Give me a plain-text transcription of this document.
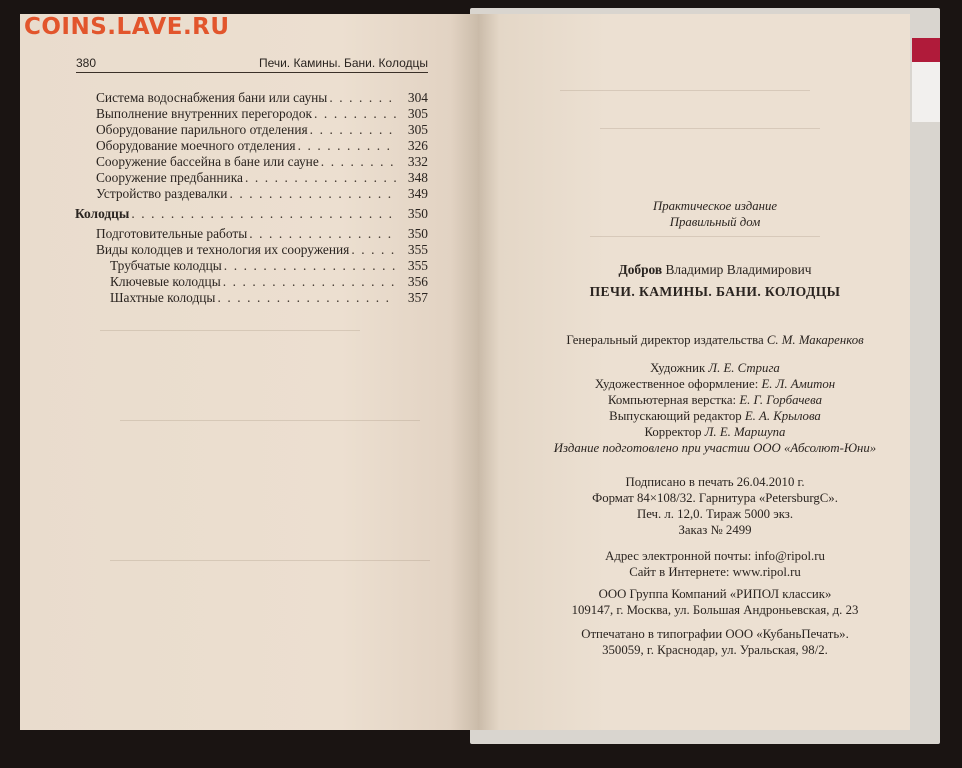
COINS.LAVE.RU
380	Печи. Камины. Бани. Колодцы
Система водоснабжения бани или сауны . . .	304
Выполнение внутренних перегородок . . .	305
Оборудование парильного отделения . . .	305
Оборудование моечного отделения . . .	326
Сооружение бассейна в бане или сауне . . .	332
Сооружение предбанника . . .	348
Устройство раздевалки . . .	349
Колодцы . . .	350
Подготовительные работы . . .	350
Виды колодцев и технология их сооружения . . .	355
Трубчатые колодцы . . .	355
Ключевые колодцы . . .	356
Шахтные колодцы . . .	357
Практическое издание
Правильный дом
Добров Владимир Владимирович
ПЕЧИ. КАМИНЫ. БАНИ. КОЛОДЦЫ
Генеральный директор издательства С. М. Макаренков
Художник Л. Е. Стрига
Художественное оформление: Е. Л. Амитон
Компьютерная верстка: Е. Г. Горбачева
Выпускающий редактор Е. А. Крылова
Корректор Л. Е. Маршупа
Издание подготовлено при участии ООО «Абсолют-Юни»
Подписано в печать 26.04.2010 г.
Формат 84×108/32. Гарнитура «PetersburgC».
Печ. л. 12,0. Тираж 5000 экз.
Заказ № 2499
Адрес электронной почты: info@ripol.ru
Сайт в Интернете: www.ripol.ru
ООО Группа Компаний «РИПОЛ классик»
109147, г. Москва, ул. Большая Андроньевская, д. 23
Отпечатано в типографии ООО «КубаньПечать».
350059, г. Краснодар, ул. Уральская, 98/2.
